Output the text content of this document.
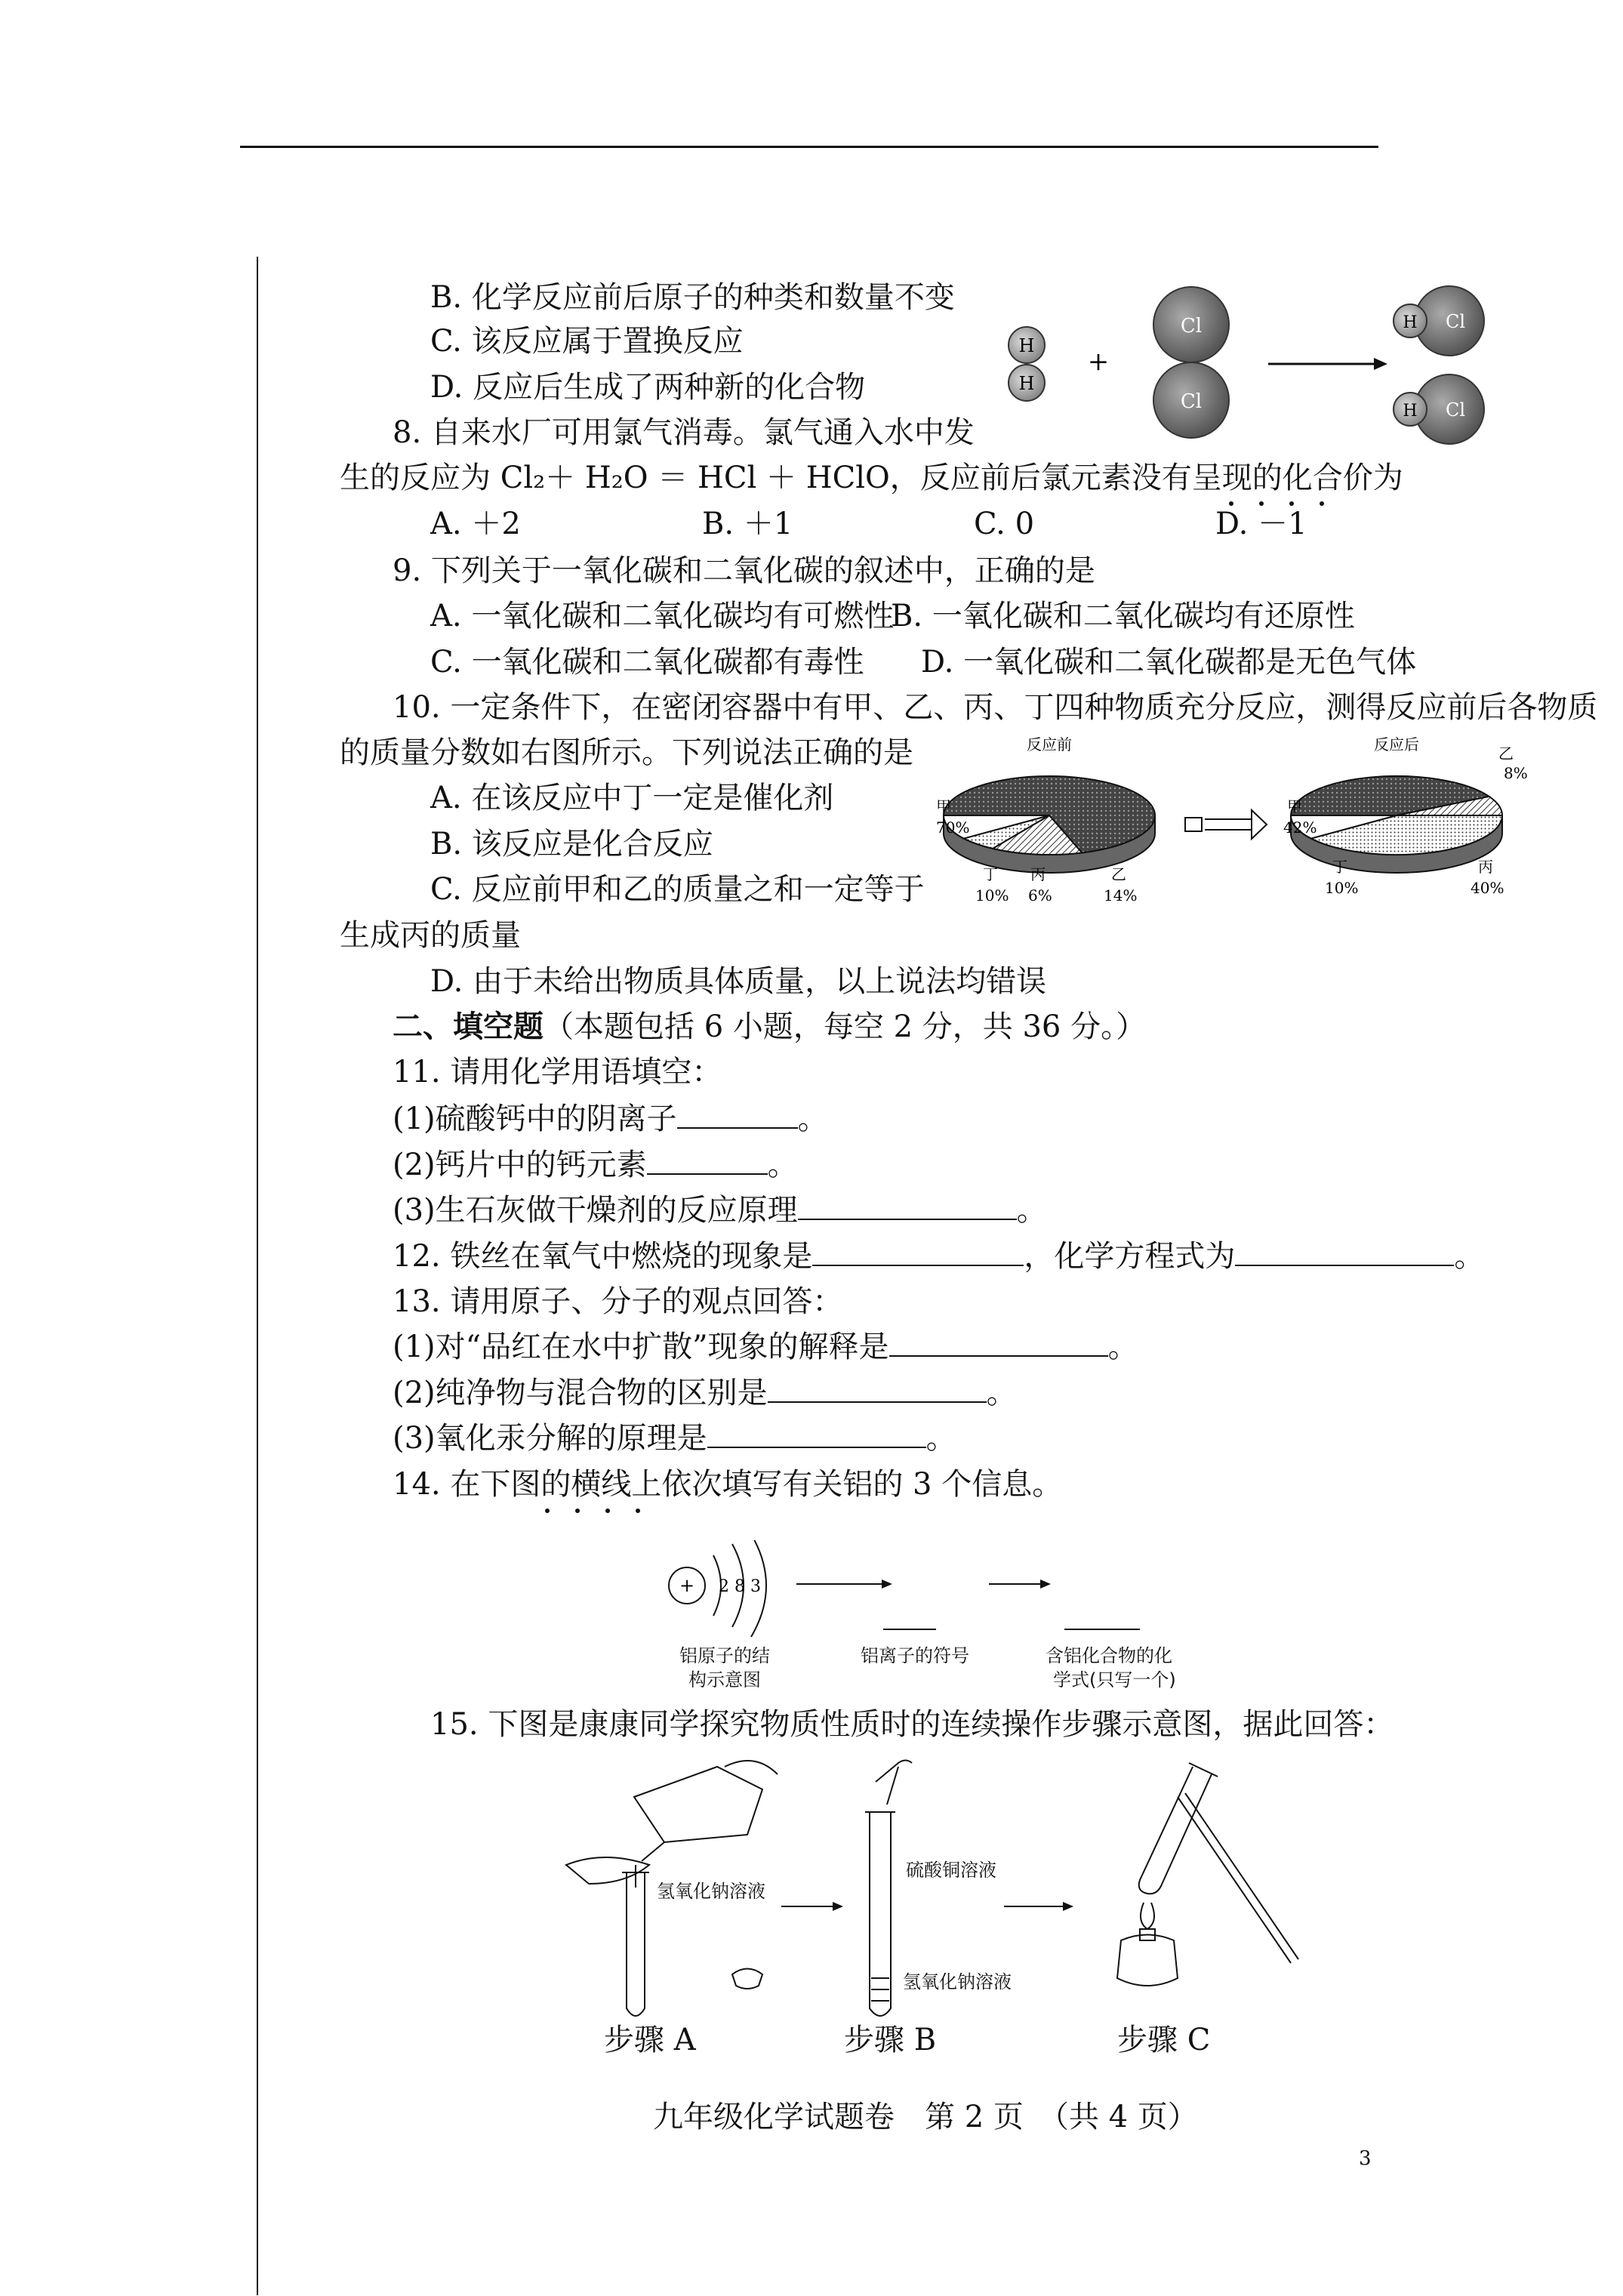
B. 化学反应前后原子的种类和数量不变
C. 该反应属于置换反应
D. 反应后生成了两种新的化合物
H
H
+
Cl
Cl
H Cl
H Cl
8. 自来水厂可用氯气消毒。氯气通入水中发
生的反应为 Cl₂＋ H₂O ＝ HCl ＋ HClO，反应前后氯元素没有呈现的化合价为
A. ＋2	B. ＋1	C. 0	D. －1
9. 下列关于一氧化碳和二氧化碳的叙述中，正确的是
A. 一氧化碳和二氧化碳均有可燃性
B. 一氧化碳和二氧化碳均有还原性
C. 一氧化碳和二氧化碳都有毒性 D. 一氧化碳和二氧化碳都是无色气体
10. 一定条件下，在密闭容器中有甲、乙、丙、丁四种物质充分反应，测得反应前后各物质
的质量分数如右图所示。下列说法正确的是
A. 在该反应中丁一定是催化剂
B. 该反应是化合反应
C. 反应前甲和乙的质量之和一定等于
生成丙的质量
D. 由于未给出物质具体质量，以上说法均错误
反应前
甲
70%
丁
10%
丙
6%
乙
14%
反应后	乙
8%
甲
42%
丁
10%
丙
40%
二、填空题（本题包括 6 小题，每空 2 分，共 36 分。）
11. 请用化学用语填空：
(1)硫酸钙中的阴离子	。
(2)钙片中的钙元素	。
(3)生石灰做干燥剂的反应原理	。
12. 铁丝在氧气中燃烧的现象是	，化学方程式为	。
13. 请用原子、分子的观点回答：
(1)对“品红在水中扩散”现象的解释是	。
(2)纯净物与混合物的区别是	。
(3)氧化汞分解的原理是	。
14. 在下图的横线上依次填写有关铝的 3 个信息。
+ 2 8 3
铝原子的结
构示意图
铝离子的符号	含铝化合物的化
学式(只写一个)
15. 下图是康康同学探究物质性质时的连续操作步骤示意图，据此回答：
氢氧化钠溶液
硫酸铜溶液
氢氧化钠溶液
步骤 A	步骤 B	步骤 C
九年级化学试题卷　第 2 页　（共 4 页）
3
